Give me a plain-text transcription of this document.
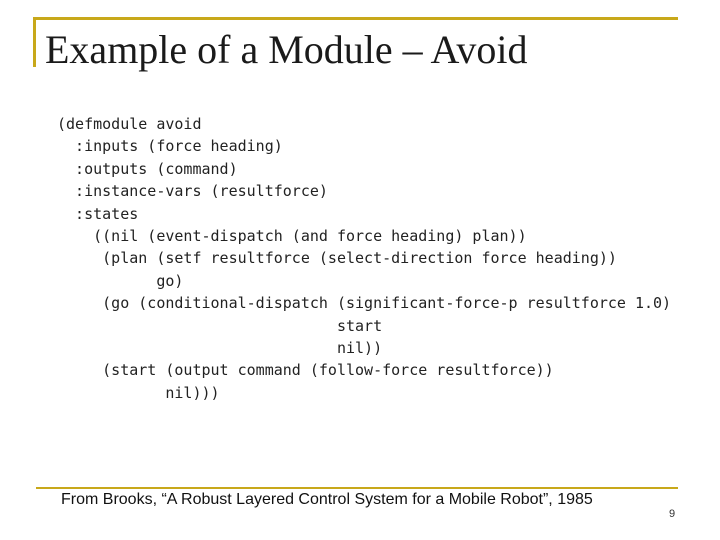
Example of a Module – Avoid
(defmodule avoid
:inputs (force heading)
:outputs (command)
:instance-vars (resultforce)
:states
((nil (event-dispatch (and force heading) plan))
(plan (setf resultforce (select-direction force heading))
go)
(go (conditional-dispatch (significant-force-p resultforce 1.0)
start
nil))
(start (output command (follow-force resultforce))
nil)))
From Brooks, “A Robust Layered Control System for a Mobile Robot”, 1985
9
